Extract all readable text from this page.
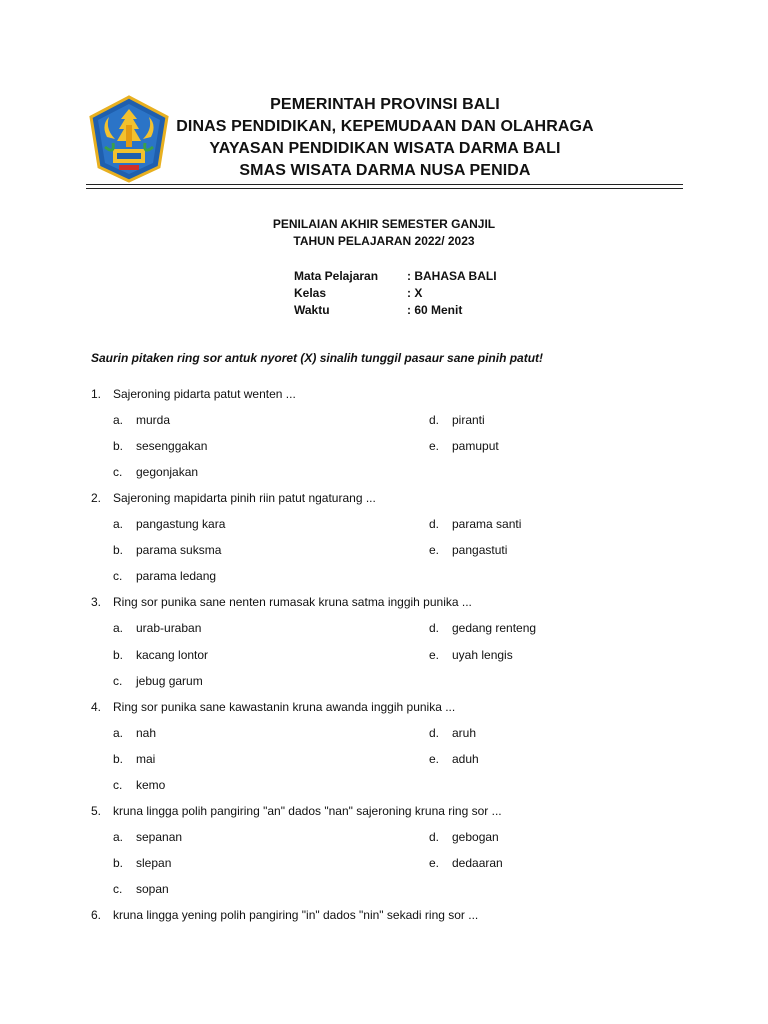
PEMERINTAH PROVINSI BALI
DINAS PENDIDIKAN, KEPEMUDAAN DAN OLAHRAGA
YAYASAN PENDIDIKAN WISATA DARMA BALI
SMAS WISATA DARMA NUSA PENIDA
PENILAIAN AKHIR SEMESTER GANJIL
TAHUN PELAJARAN 2022/ 2023
Mata Pelajaran : BAHASA BALI
Kelas	: X
Waktu	: 60 Menit
Saurin pitaken ring sor antuk nyoret (X) sinalih tunggil pasaur sane pinih patut!
1. Sajeroning pidarta patut wenten ...
a. murda	d. piranti
b. sesenggakan	e. pamuput
c. gegonjakan
2. Sajeroning mapidarta pinih riin patut ngaturang ...
a. pangastung kara	d. parama santi
b. parama suksma	e. pangastuti
c. parama ledang
3. Ring sor punika sane nenten rumasak kruna satma inggih punika ...
a. urab-uraban	d. gedang renteng
b. kacang lontor	e. uyah lengis
c. jebug garum
4. Ring sor punika sane kawastanin kruna awanda inggih punika ...
a. nah	d. aruh
b. mai	e. aduh
c. kemo
5. kruna lingga polih pangiring "an" dados "nan" sajeroning kruna ring sor ...
a. sepanan	d. gebogan
b. slepan	e. dedaaran
c. sopan
6. kruna lingga yening polih pangiring "in" dados "nin" sekadi ring sor ...
